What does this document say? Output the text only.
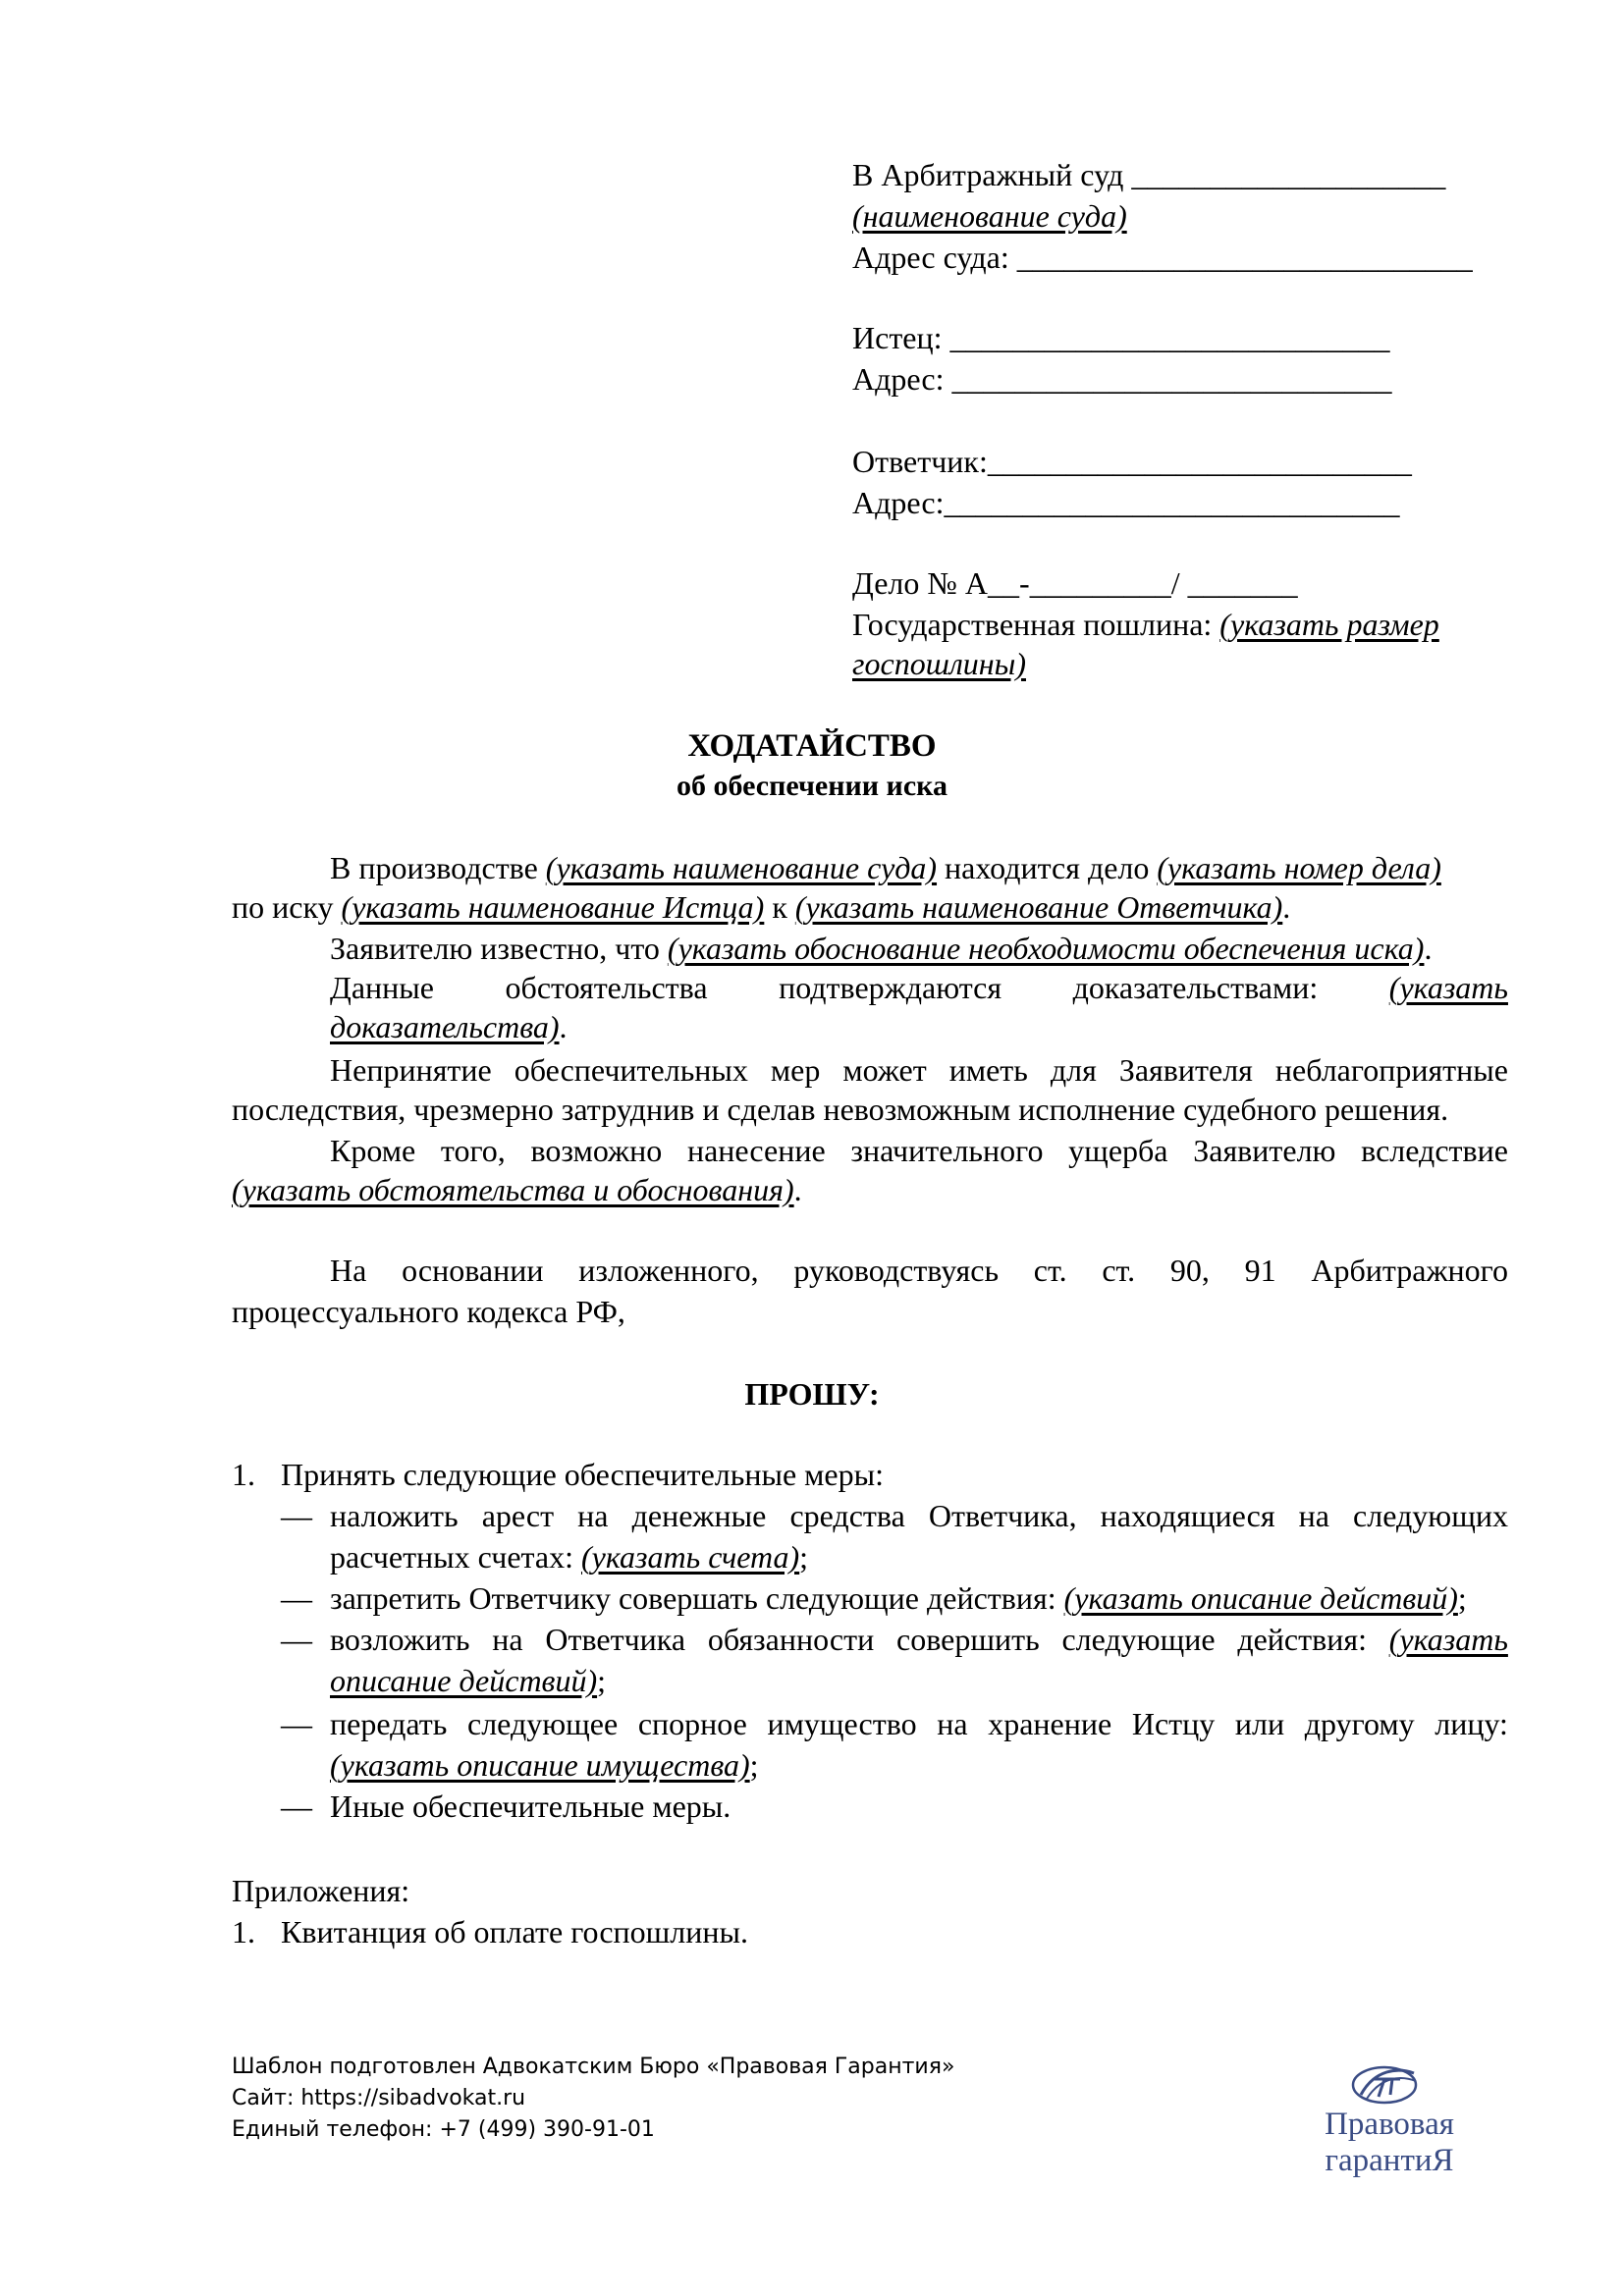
В Арбитражный суд ____________________
(наименование суда)
Адрес суда: _____________________________
Истец: ____________________________
Адрес: ____________________________
Ответчик:___________________________
Адрес:_____________________________
Дело № А__-_________/ _______
Государственная пошлина: (указать размер
госпошлины)
ХОДАТАЙСТВО
об обеспечении иска
В производстве (указать наименование суда) находится дело (указать номер дела)
по иску (указать наименование Истца) к (указать наименование Ответчика).
Заявителю известно, что (указать обоснование необходимости обеспечения иска).
Данные обстоятельства подтверждаются доказательствами: (указать
доказательства).
Непринятие обеспечительных мер может иметь для Заявителя неблагоприятные
последствия, чрезмерно затруднив и сделав невозможным исполнение судебного решения.
Кроме того, возможно нанесение значительного ущерба Заявителю вследствие
(указать обстоятельства и обоснования).
На основании изложенного, руководствуясь ст. ст. 90, 91 Арбитражного
процессуального кодекса РФ,
ПРОШУ:
1. Принять следующие обеспечительные меры:
— наложить арест на денежные средства Ответчика, находящиеся на следующих
расчетных счетах: (указать счета);
— запретить Ответчику совершать следующие действия: (указать описание действий);
— возложить на Ответчика обязанности совершить следующие действия: (указать
описание действий);
— передать следующее спорное имущество на хранение Истцу или другому лицу:
(указать описание имущества);
— Иные обеспечительные меры.
Приложения:
1. Квитанция об оплате госпошлины.
Шаблон подготовлен Адвокатским Бюро «Правовая Гарантия»
Сайт: https://sibadvokat.ru
Единый телефон: +7 (499) 390-91-01	Правовая гарантиЯ
